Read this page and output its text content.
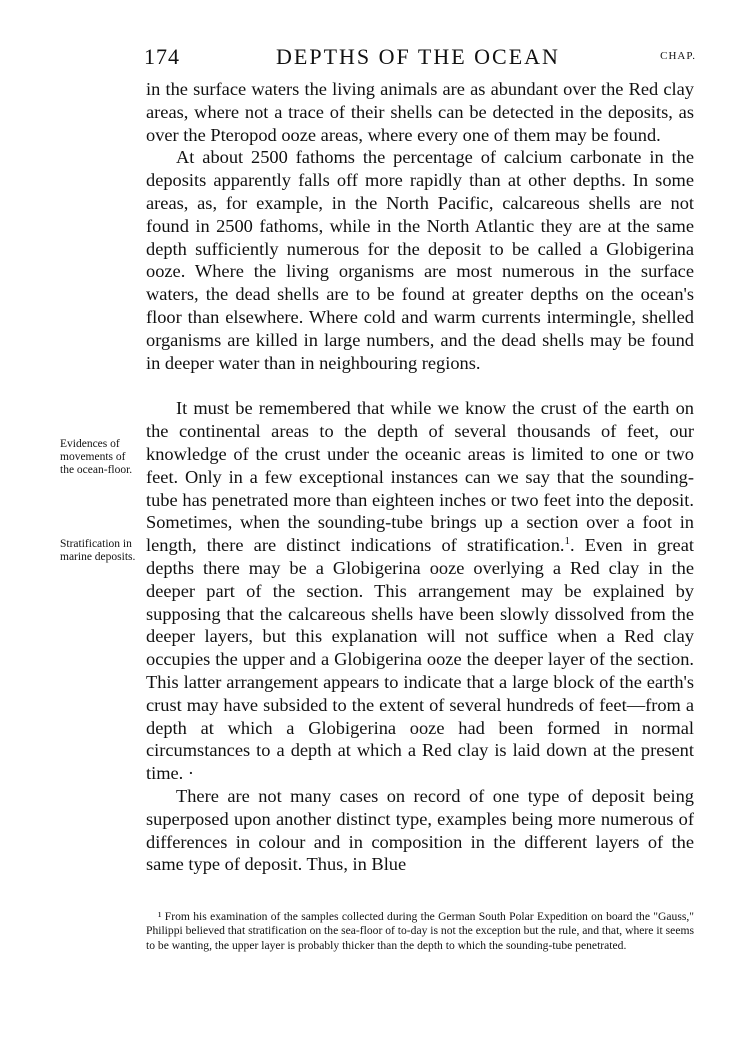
174	DEPTHS OF THE OCEAN	CHAP.

in the surface waters the living animals are as abundant over the Red clay areas, where not a trace of their shells can be detected in the deposits, as over the Pteropod ooze areas, where every one of them may be found.

At about 2500 fathoms the percentage of calcium carbonate in the deposits apparently falls off more rapidly than at other depths. In some areas, as, for example, in the North Pacific, calcareous shells are not found in 2500 fathoms, while in the North Atlantic they are at the same depth sufficiently numerous for the deposit to be called a Globigerina ooze. Where the living organisms are most numerous in the surface waters, the dead shells are to be found at greater depths on the ocean's floor than elsewhere. Where cold and warm currents intermingle, shelled organisms are killed in large numbers, and the dead shells may be found in deeper water than in neighbouring regions.

It must be remembered that while we know the crust of the earth on the continental areas to the depth of several thousands of feet, our knowledge of the crust under the oceanic areas is limited to one or two feet. Only in a few exceptional instances can we say that the sounding-tube has penetrated more than eighteen inches or two feet into the deposit. Sometimes, when the sounding-tube brings up a section over a foot in length, there are distinct indications of stratification.$^1$. Even in great depths there may be a Globigerina ooze overlying a Red clay in the deeper part of the section. This arrangement may be explained by supposing that the calcareous shells have been slowly dissolved from the deeper layers, but this explanation will not suffice when a Red clay occupies the upper and a Globigerina ooze the deeper layer of the section. This latter arrangement appears to indicate that a large block of the earth's crust may have subsided to the extent of several hundreds of feet—from a depth at which a Globigerina ooze had been formed in normal circumstances to a depth at which a Red clay is laid down at the present time. ·

There are not many cases on record of one type of deposit being superposed upon another distinct type, examples being more numerous of differences in colour and in composition in the different layers of the same type of deposit. Thus, in Blue

Evidences of movements of the ocean-floor.
Stratification in marine deposits.

¹ From his examination of the samples collected during the German South Polar Expedition on board the "Gauss," Philippi believed that stratification on the sea-floor of to-day is not the exception but the rule, and that, where it seems to be wanting, the upper layer is probably thicker than the depth to which the sounding-tube penetrated.
